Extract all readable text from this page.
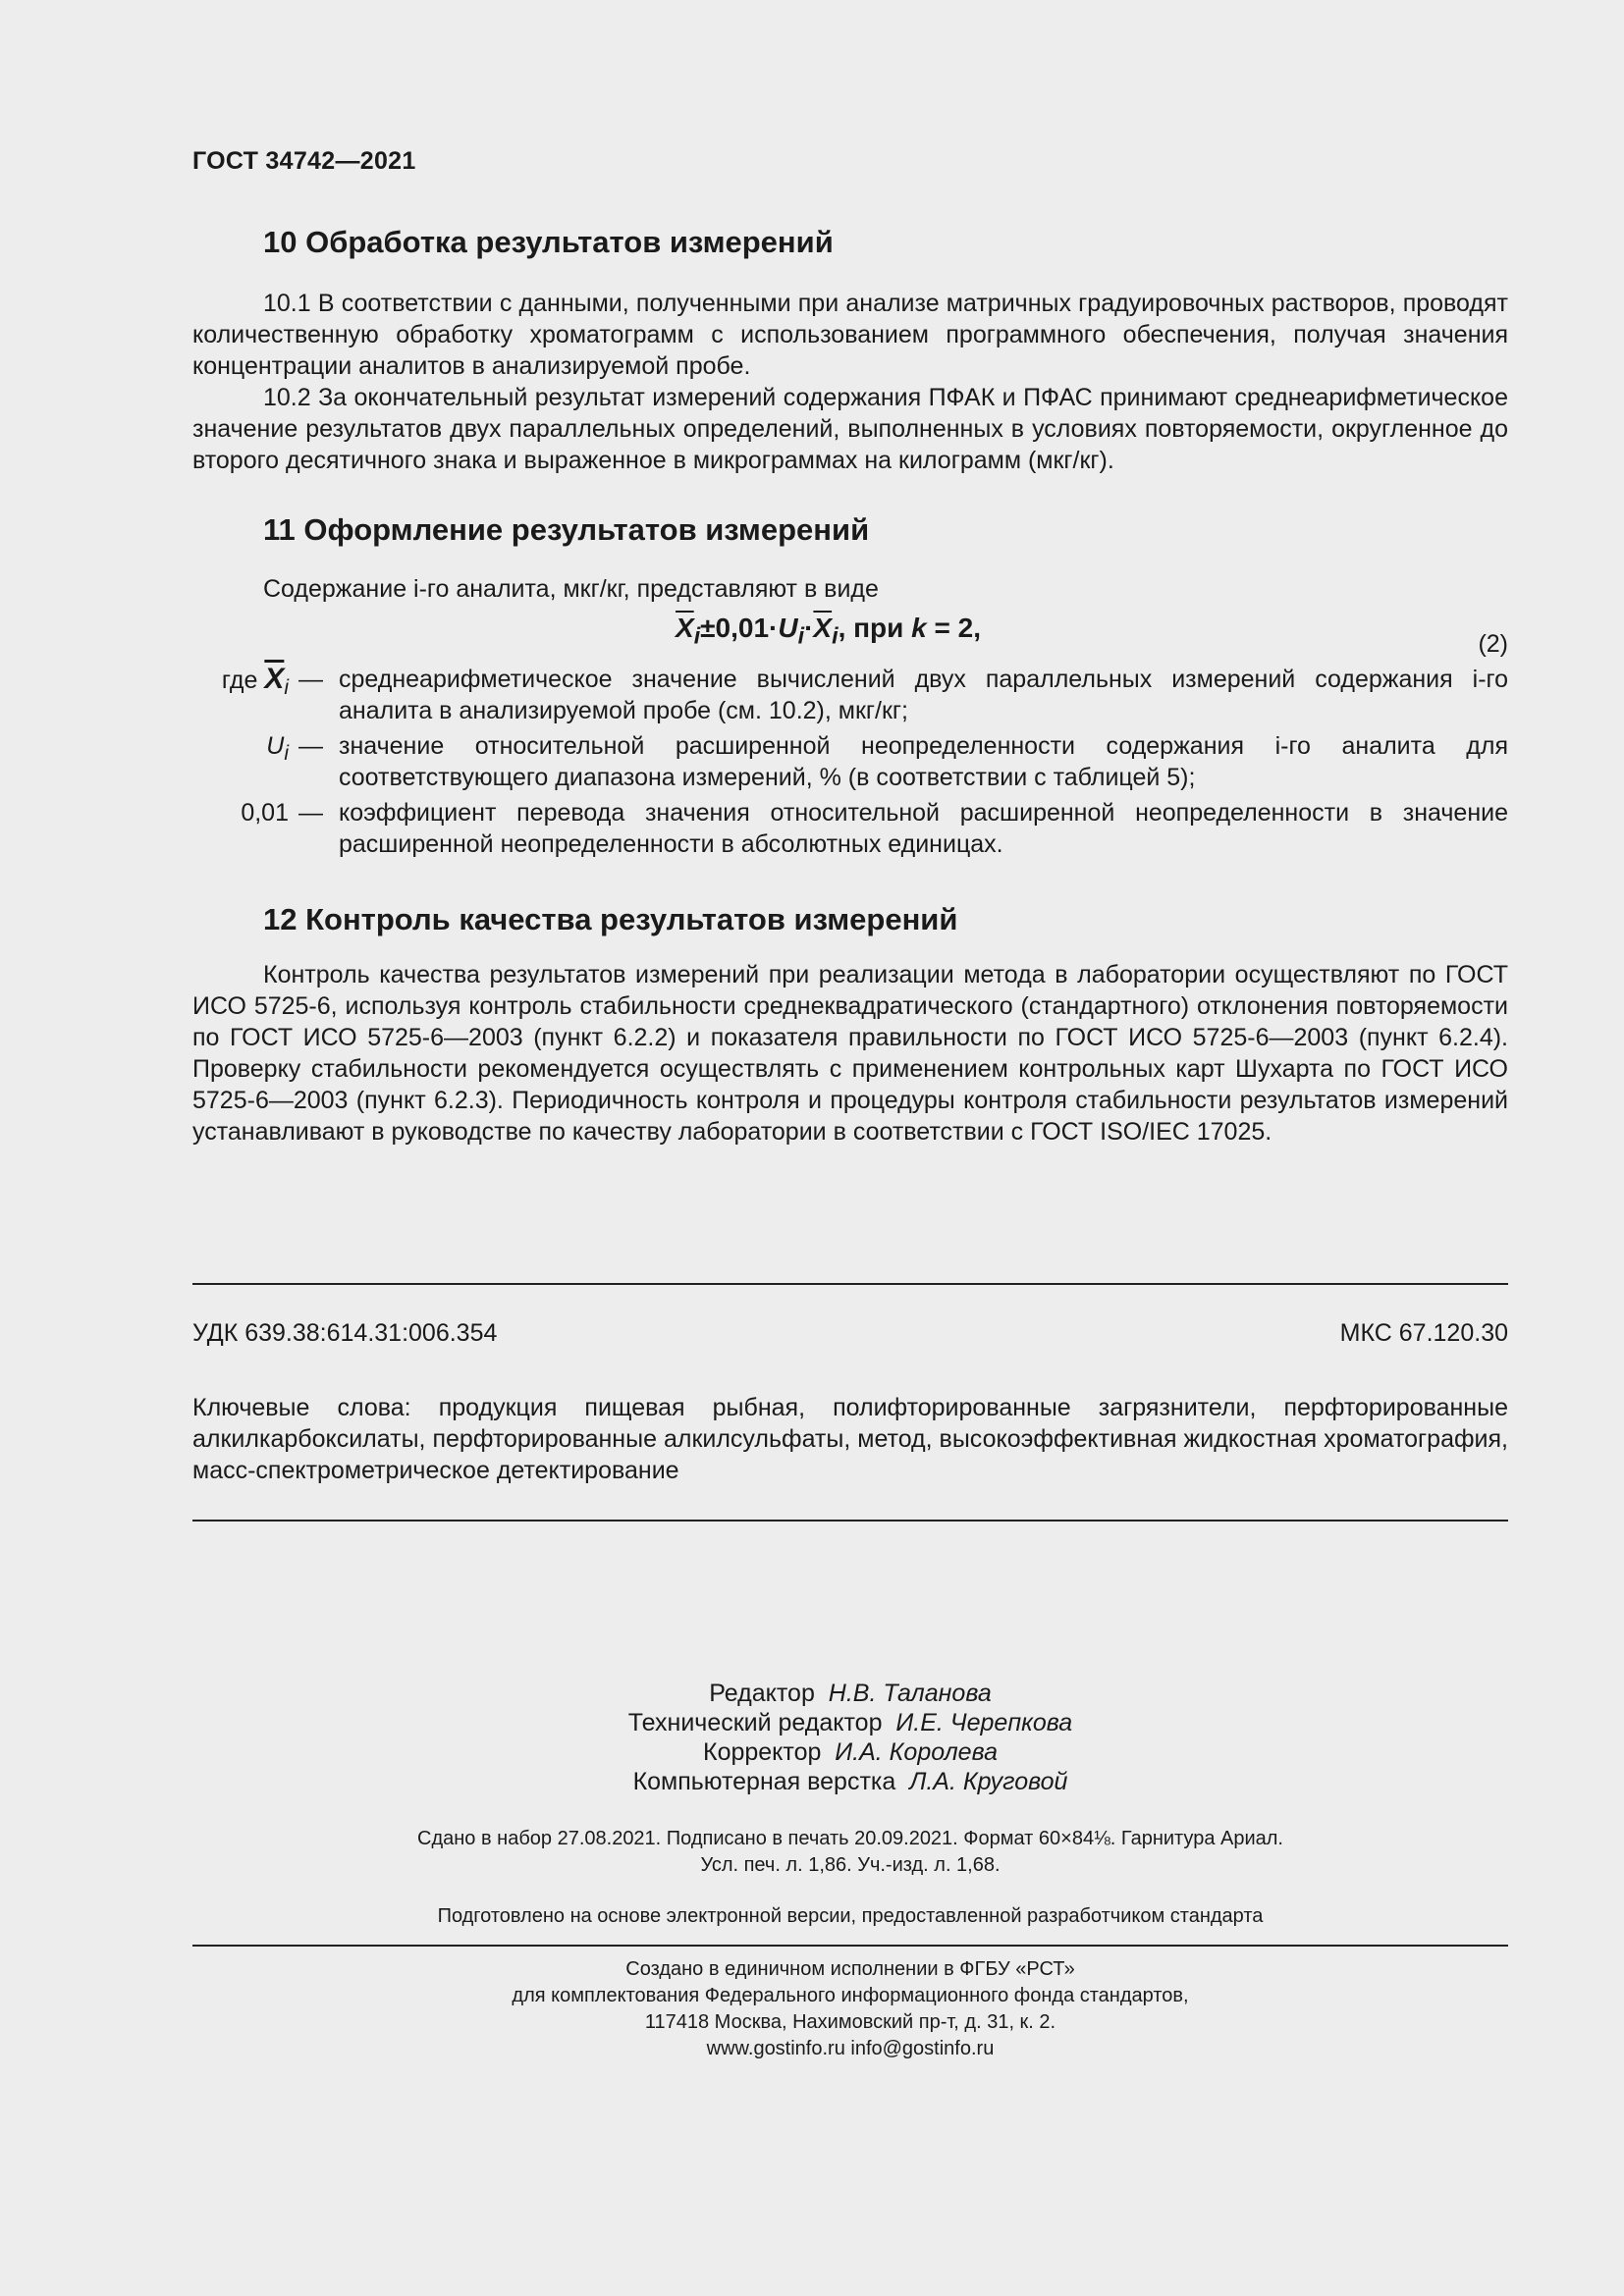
ГОСТ 34742—2021
10 Обработка результатов измерений

10.1 В соответствии с данными, полученными при анализе матричных градуировочных растворов, проводят количественную обработку хроматограмм с использованием программного обеспечения, получая значения концентрации аналитов в анализируемой пробе.

10.2 За окончательный результат измерений содержания ПФАК и ПФАС принимают среднеарифметическое значение результатов двух параллельных определений, выполненных в условиях повторяемости, округленное до второго десятичного знака и выраженное в микрограммах на килограмм (мкг/кг).

11 Оформление результатов измерений

Содержание i-го аналита, мкг/кг, представляют в виде

$\overline{X}_i\pm 0,01\cdot U_i\cdot\overline{X}_i$, при k = 2,
(2)
где $\overline{X}_i$ — среднеарифметическое значение вычислений двух параллельных измерений содержания i-го аналита в анализируемой пробе (см. 10.2), мкг/кг;
$U_i$ — значение относительной расширенной неопределенности содержания i-го аналита для соответствующего диапазона измерений, % (в соответствии с таблицей 5);
0,01 — коэффициент перевода значения относительной расширенной неопределенности в значение расширенной неопределенности в абсолютных единицах.
12 Контроль качества результатов измерений

Контроль качества результатов измерений при реализации метода в лаборатории осуществляют по ГОСТ ИСО 5725-6, используя контроль стабильности среднеквадратического (стандартного) отклонения повторяемости по ГОСТ ИСО 5725-6—2003 (пункт 6.2.2) и показателя правильности по ГОСТ ИСО 5725-6—2003 (пункт 6.2.4). Проверку стабильности рекомендуется осуществлять с применением контрольных карт Шухарта по ГОСТ ИСО 5725-6—2003 (пункт 6.2.3). Периодичность контроля и процедуры контроля стабильности результатов измерений устанавливают в руководстве по качеству лаборатории в соответствии с ГОСТ ISO/IEC 17025.

УДК 639.38:614.31:006.354	МКС 67.120.30

Ключевые слова: продукция пищевая рыбная, полифторированные загрязнители, перфторированные алкилкарбоксилаты, перфторированные алкилсульфаты, метод, высокоэффективная жидкостная хроматография, масс-спектрометрическое детектирование

Редактор Н.В. Таланова
Технический редактор И.Е. Черепкова
Корректор И.А. Королева
Компьютерная верстка Л.А. Круговой
Сдано в набор 27.08.2021. Подписано в печать 20.09.2021. Формат 60×84⅛. Гарнитура Ариал.
Усл. печ. л. 1,86. Уч.-изд. л. 1,68.
Подготовлено на основе электронной версии, предоставленной разработчиком стандарта
Создано в единичном исполнении в ФГБУ «РСТ»
для комплектования Федерального информационного фонда стандартов,
117418 Москва, Нахимовский пр-т, д. 31, к. 2.
www.gostinfo.ru info@gostinfo.ru
